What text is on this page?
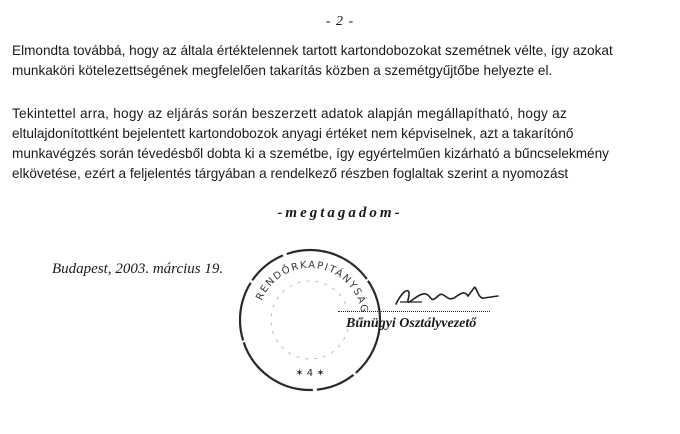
- 2 -
Elmondta továbbá, hogy az általa értéktelennek tartott kartondobozokat szemétnek vélte, így azokat
munkaköri kötelezettségének megfelelően takarítás közben a szemétgyűjtőbe helyezte el.
Tekintettel arra, hogy az eljárás során beszerzett adatok alapján megállapítható, hogy az
eltulajdonítottként bejelentett kartondobozok anyagi értéket nem képviselnek, azt a takarítónő
munkavégzés során tévedésből dobta ki a szemétbe, így egyértelműen kizárható a bűncselekmény
elkövetése, ezért a feljelentés tárgyában a rendelkező részben foglaltak szerint a nyomozást
-megtagadom-
Budapest, 2003. március 19.
RENDŐRKAPITÁNYSÁG
✶ 4 ✶
Bűnügyi Osztályvezető
